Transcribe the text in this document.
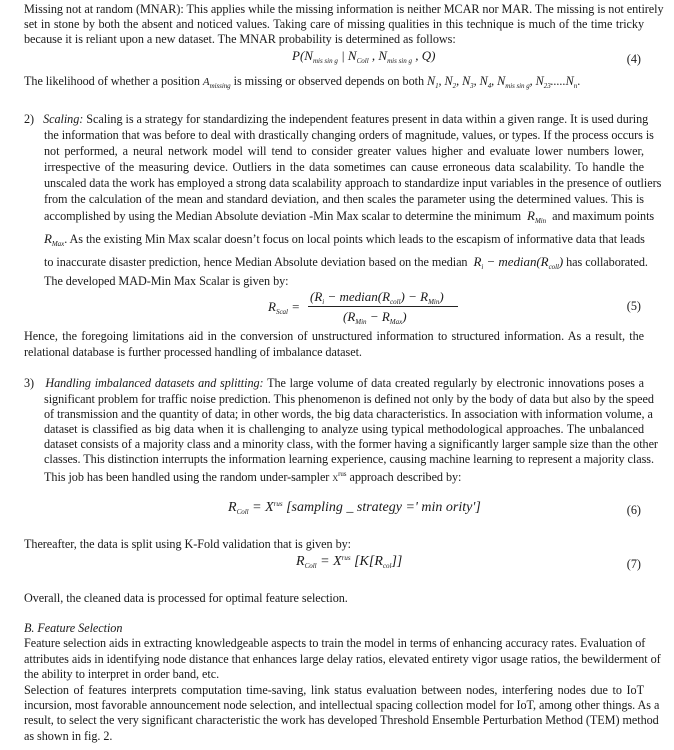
Missing not at random (MNAR): This applies while the missing information is neither MCAR nor MAR. The missing is not entirely
set in stone by both the absent and noticed values. Taking care of missing qualities in this technique is much of the time tricky
because it is reliant upon a new dataset. The MNAR probability is determined as follows:
$P(N_{mis sin g}$ | $N_{Coll}$ , $N_{mis sin g}$ , Q)	(4)
The likelihood of whether a position $A_{missing}$ is missing or observed depends on both $N_1$, $N_2$, $N_3$, $N_4$, $N_{mis sin g}$, $N_{23}.....N_n$.
2) Scaling: Scaling is a strategy for standardizing the independent features present in data within a given range. It is used during
the information that was before to deal with drastically changing orders of magnitude, values, or types. If the process occurs is
not performed, a neural network model will tend to consider greater values higher and evaluate lower numbers lower,
irrespective of the measuring device. Outliers in the data sometimes can cause erroneous data scalability. To handle the
unscaled data the work has employed a strong data scalability approach to standardize input variables in the presence of outliers
from the calculation of the mean and standard deviation, and then scales the parameter using the determined values. This is
accomplished by using the Median Absolute deviation -Min Max scalar to determine the minimum $R_{Min}$ and maximum points
$R_{Max}$. As the existing Min Max scalar doesn’t focus on local points which leads to the escapism of informative data that leads
to inaccurate disaster prediction, hence Median Absolute deviation based on the median $R_i$ − $median(R_{coll})$ has collaborated.
The developed MAD-Min Max Scalar is given by:
$R_{Scal}$ =
($R_i$ − $median(R_{coll}) - R_{Min}$)
$(R_{Min} - R_{Max})$
(5)
Hence, the foregoing limitations aid in the conversion of unstructured information to structured information. As a result, the
relational database is further processed handling of imbalance dataset.
3) Handling imbalanced datasets and splitting: The large volume of data created regularly by electronic innovations poses a
significant problem for traffic noise prediction. This phenomenon is defined not only by the body of data but also by the speed
of transmission and the quantity of data; in other words, the big data characteristics. In association with information volume, a
dataset is classified as big data when it is challenging to analyze using typical methodological approaches. The unbalanced
dataset consists of a majority class and a minority class, with the former having a significantly larger sample size than the other
classes. This distinction interrupts the information learning experience, causing machine learning to represent a majority class.
This job has been handled using the random under-sampler $X^{rus}$ approach described by:
$R_{Coll} = X^{rus}$ [sampling _ strategy =' min ority']	(6)
Thereafter, the data is split using K-Fold validation that is given by:
$R_{Coll} = X^{rus}$ $[K[R_{col}]]$	(7)
Overall, the cleaned data is processed for optimal feature selection.
B. Feature Selection
Feature selection aids in extracting knowledgeable aspects to train the model in terms of enhancing accuracy rates. Evaluation of
attributes aids in identifying node distance that enhances large delay ratios, elevated entirety vigor usage ratios, the bewilderment of
the ability to interpret in order band, etc.
Selection of features interprets computation time-saving, link status evaluation between nodes, interfering nodes due to IoT
incursion, most favorable announcement node selection, and intellectual spacing collection model for IoT, among other things. As a
result, to select the very significant characteristic the work has developed Threshold Ensemble Perturbation Method (TEM) method
as shown in fig. 2.
